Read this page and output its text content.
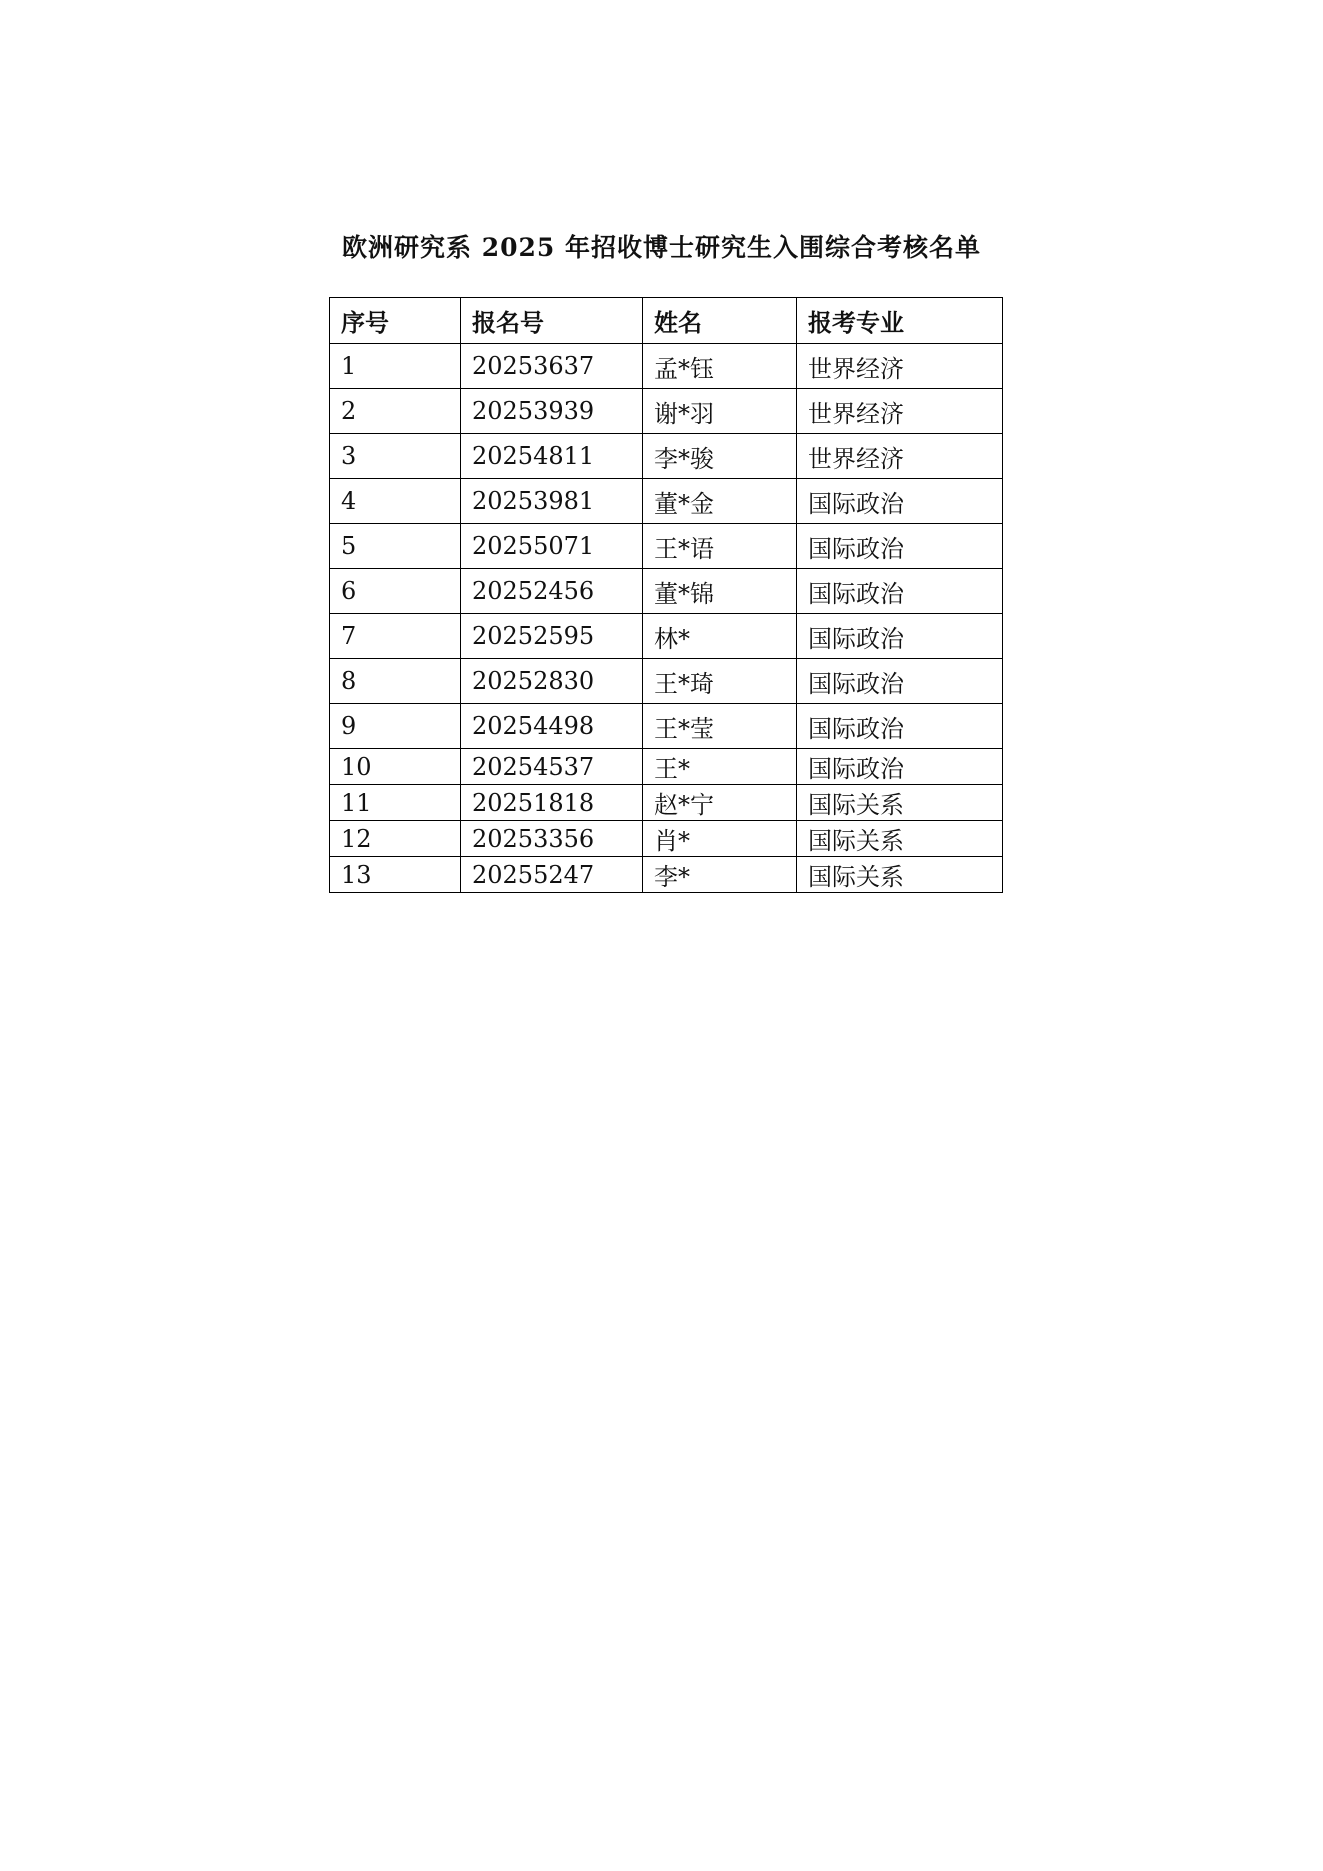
欧洲研究系 2025 年招收博士研究生入围综合考核名单
序号	报名号	姓名	报考专业
1	20253637	孟*钰	世界经济
2	20253939	谢*羽	世界经济
3	20254811	李*骏	世界经济
4	20253981	董*金	国际政治
5	20255071	王*语	国际政治
6	20252456	董*锦	国际政治
7	20252595	林*	国际政治
8	20252830	王*琦	国际政治
9	20254498	王*莹	国际政治
10	20254537	王*	国际政治
11	20251818	赵*宁	国际关系
12	20253356	肖*	国际关系
13	20255247	李*	国际关系
